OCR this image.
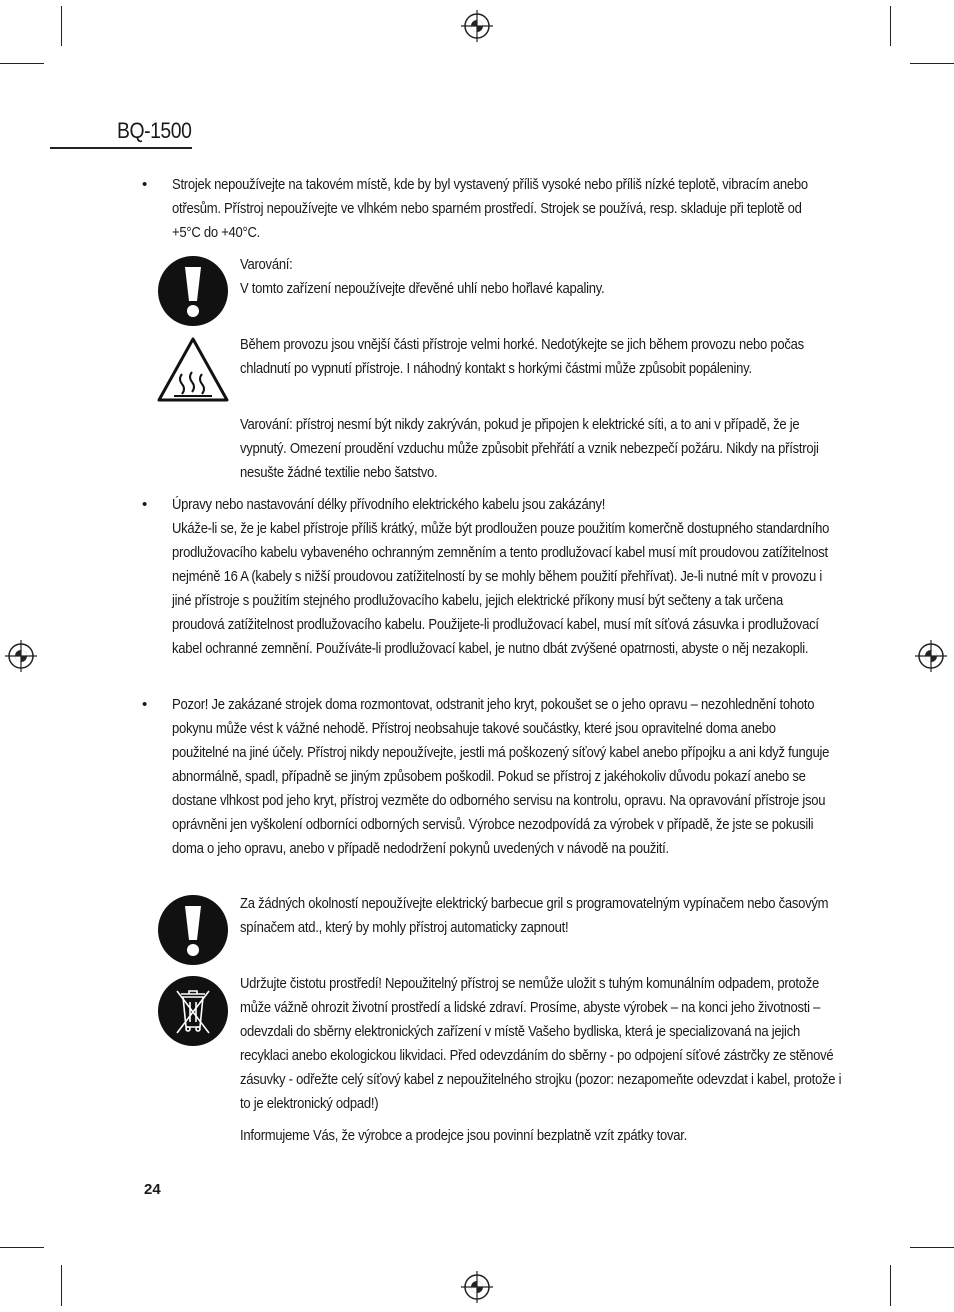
BQ-1500
• Strojek nepoužívejte na takovém místě, kde by byl vystavený příliš vysoké nebo příliš nízké teplotě, vibracím anebo otřesům. Přístroj nepoužívejte ve vlhkém nebo sparném prostředí. Strojek se používá, resp. skladuje při teplotě od +5°C do +40°C.

Varování:

V tomto zařízení nepoužívejte dřevěné uhlí nebo hořlavé kapaliny.

Během provozu jsou vnější části přístroje velmi horké. Nedotýkejte se jich během provozu nebo počas chladnutí po vypnutí přístroje. I náhodný kontakt s horkými částmi může způsobit popáleniny.

Varování: přístroj nesmí být nikdy zakrýván, pokud je připojen k elektrické síti, a to ani v případě, že je vypnutý. Omezení proudění vzduchu může způsobit přehřátí a vznik nebezpečí požáru. Nikdy na přístroji nesušte žádné textilie nebo šatstvo.

• Úpravy nebo nastavování délky přívodního elektrického kabelu jsou zakázány!

Ukáže-li se, že je kabel přístroje příliš krátký, může být prodloužen pouze použitím komerčně dostupného standardního prodlužovacího kabelu vybaveného ochranným zemněním a tento prodlužovací kabel musí mít proudovou zatížitelnost nejméně 16 A (kabely s nižší proudovou zatížitelností by se mohly během použití přehřívat). Je-li nutné mít v provozu i jiné přístroje s použitím stejného prodlužovacího kabelu, jejich elektrické příkony musí být sečteny a tak určena proudová zatížitelnost prodlužovacího kabelu. Použijete-li prodlužovací kabel, musí mít síťová zásuvka i prodlužovací kabel ochranné zemnění. Používáte-li prodlužovací kabel, je nutno dbát zvýšené opatrnosti, abyste o něj nezakopli.

• Pozor! Je zakázané strojek doma rozmontovat, odstranit jeho kryt, pokoušet se o jeho opravu – nezohlednění tohoto pokynu může vést k vážné nehodě. Přístroj neobsahuje takové součástky, které jsou opravitelné doma anebo použitelné na jiné účely. Přístroj nikdy nepoužívejte, jestli má poškozený síťový kabel anebo přípojku a ani když funguje abnormálně, spadl, případně se jiným způsobem poškodil. Pokud se přístroj z jakéhokoliv důvodu pokazí anebo se dostane vlhkost pod jeho kryt, přístroj vezměte do odborného servisu na kontrolu, opravu. Na opravování přístroje jsou oprávněni jen vyškolení odborníci odborných servisů. Výrobce nezodpovídá za výrobek v případě, že jste se pokusili doma o jeho opravu, anebo v případě nedodržení pokynů uvedených v návodě na použití.

Za žádných okolností nepoužívejte elektrický barbecue gril s programovatelným vypínačem nebo časovým spínačem atd., který by mohly přístroj automaticky zapnout!

Udržujte čistotu prostředí! Nepoužitelný přístroj se nemůže uložit s tuhým komunálním odpadem, protože může vážně ohrozit životní prostředí a lidské zdraví. Prosíme, abyste výrobek – na konci jeho životnosti – odevzdali do sběrny elektronických zařízení v místě Vašeho bydliska, která je specializovaná na jejich recyklaci anebo ekologickou likvidaci. Před odevzdáním do sběrny - po odpojení síťové zástrčky ze stěnové zásuvky - odřežte celý síťový kabel z nepoužitelného strojku (pozor: nezapomeňte odevzdat i kabel, protože i to je elektronický odpad!)

Informujeme Vás, že výrobce a prodejce jsou povinní bezplatně vzít zpátky tovar.

24
